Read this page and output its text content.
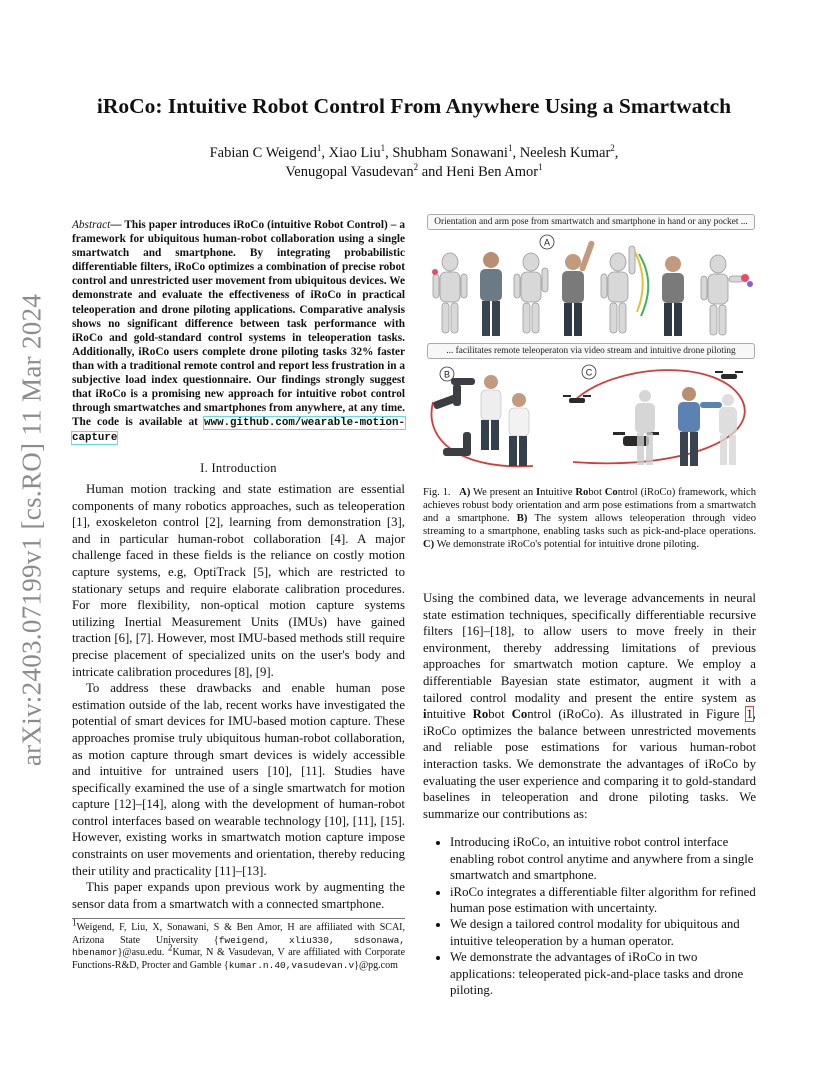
arXiv:2403.07199v1 [cs.RO] 11 Mar 2024
iRoCo: Intuitive Robot Control From Anywhere Using a Smartwatch
Fabian C Weigend$^1$, Xiao Liu$^1$, Shubham Sonawani$^1$, Neelesh Kumar$^2$,
Venugopal Vasudevan$^2$ and Heni Ben Amor$^1$
Abstract— This paper introduces iRoCo (intuitive Robot Control) – a framework for ubiquitous human-robot collaboration using a single smartwatch and smartphone. By integrating probabilistic differentiable filters, iRoCo optimizes a combination of precise robot control and unrestricted user movement from ubiquitous devices. We demonstrate and evaluate the effectiveness of iRoCo in practical teleoperation and drone piloting applications. Comparative analysis shows no significant difference between task performance with iRoCo and gold-standard control systems in teleoperation tasks. Additionally, iRoCo users complete drone piloting tasks 32% faster than with a traditional remote control and report less frustration in a subjective load index questionnaire. Our findings strongly suggest that iRoCo is a promising new approach for intuitive robot control through smartwatches and smartphones from anywhere, at any time. The code is available at www.github.com/wearable-motion-capture
I. Introduction

Human motion tracking and state estimation are essential components of many robotics approaches, such as teleoperation [1], exoskeleton control [2], learning from demonstration [3], and in particular human-robot collaboration [4]. A major challenge faced in these fields is the reliance on costly motion capture systems, e.g, OptiTrack [5], which are restricted to stationary setups and require elaborate calibration procedures. For more flexibility, non-optical motion capture systems utilizing Inertial Measurement Units (IMUs) have gained traction [6], [7]. However, most IMU-based methods still require precise placement of specialized units on the user's body and intricate calibration procedures [8], [9].

To address these drawbacks and enable human pose estimation outside of the lab, recent works have investigated the potential of smart devices for IMU-based motion capture. These approaches promise truly ubiquitous human-robot collaboration, as motion capture through smart devices is widely accessible and intuitive for untrained users [10], [11]. Studies have specifically examined the use of a single smartwatch for motion capture [12]–[14], along with the development of human-robot control interfaces based on wearable technology [10], [11], [15]. However, existing works in smartwatch motion capture impose constraints on user movements and orientation, thereby reducing their utility and practicality [11]–[13].

This paper expands upon previous work by augmenting the sensor data from a smartwatch with a connected smartphone.

$^1$Weigend, F, Liu, X, Sonawani, S & Ben Amor, H are affiliated with SCAI, Arizona State University {fweigend, xliu330, sdsonawa, hbenamor}@asu.edu. $^2$Kumar, N & Vasudevan, V are affiliated with Corporate Functions-R&D, Procter and Gamble {kumar.n.40,vasudevan.v}@pg.com
Orientation and arm pose from smartwatch and smartphone in hand or any pocket ...
A
... facilitates remote teleoperaton via video stream and intuitive drone piloting
B	C
Fig. 1. A) We present an Intuitive Robot Control (iRoCo) framework, which achieves robust body orientation and arm pose estimations from a smartwatch and a smartphone. B) The system allows teleoperation through video streaming to a smartphone, enabling tasks such as pick-and-place operations. C) We demonstrate iRoCo's potential for intuitive drone piloting.

Using the combined data, we leverage advancements in neural state estimation techniques, specifically differentiable recursive filters [16]–[18], to allow users to move freely in their environment, thereby addressing limitations of previous approaches for smartwatch motion capture. We employ a differentiable Bayesian state estimator, augment it with a tailored control modality and present the entire system as intuitive Robot Control (iRoCo). As illustrated in Figure 1, iRoCo optimizes the balance between unrestricted movements and reliable pose estimations for various human-robot interaction tasks. We demonstrate the advantages of iRoCo by evaluating the user experience and comparing it to gold-standard baselines in teleoperation and drone piloting tasks. We summarize our contributions as:

• Introducing iRoCo, an intuitive robot control interface enabling robot control anytime and anywhere from a single smartwatch and smartphone.
• iRoCo integrates a differentiable filter algorithm for refined human pose estimation with uncertainty.
• We design a tailored control modality for ubiquitous and intuitive teleoperation by a human operator.
• We demonstrate the advantages of iRoCo in two applications: teleoperated pick-and-place tasks and drone piloting.
